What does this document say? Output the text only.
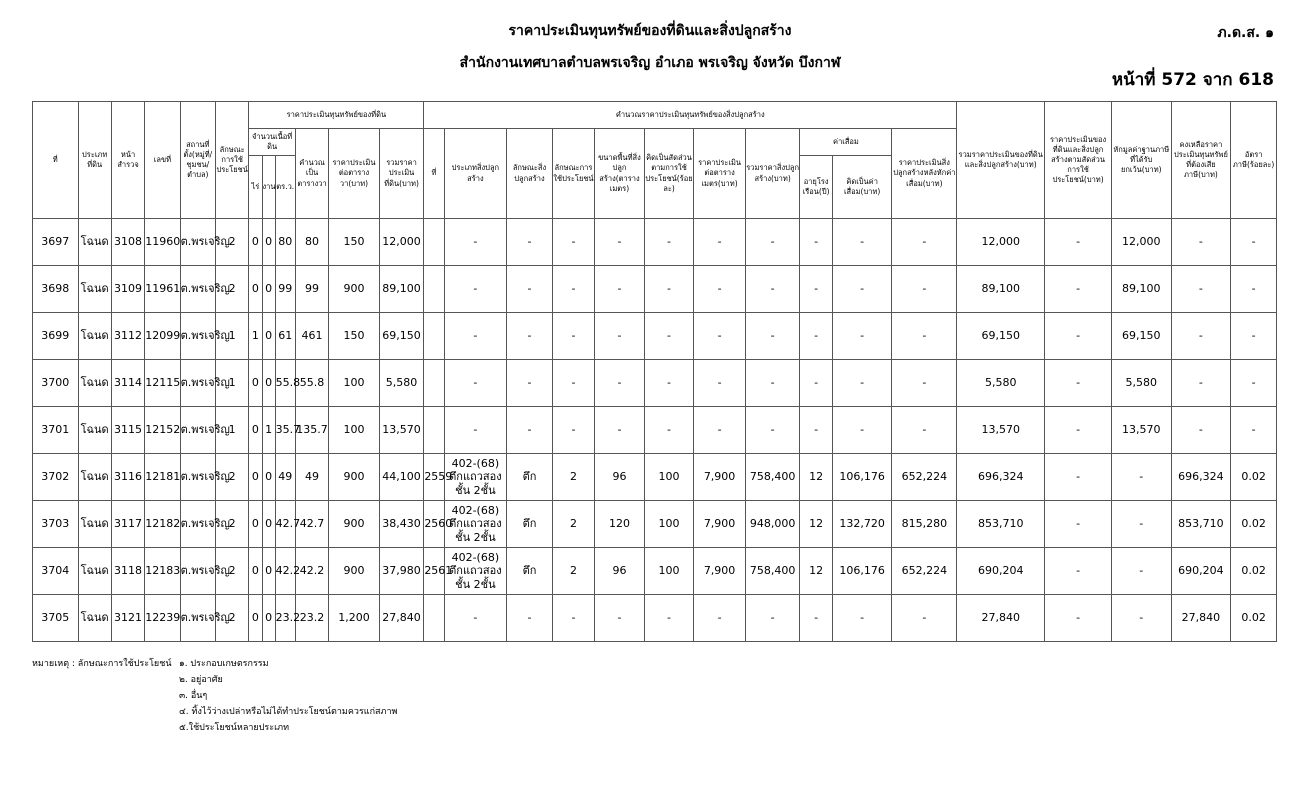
ราคาประเมินทุนทรัพย์ของที่ดินและสิ่งปลูกสร้าง	ภ.ด.ส. ๑
สำนักงานเทศบาลตำบลพรเจริญ อำเภอ พรเจริญ จังหวัด บึงกาฬ
หน้าที่ 572 จาก 618
ที่	ประเภทที่ดิน	หน้าสำรวจ	เลขที่	สถานที่ตั้ง(หมู่ที่/ชุมชน/ตำบล)	ลักษณะการใช้ประโยชน์	ราคาประเมินทุนทรัพย์ของที่ดิน						คำนวณราคาประเมินทุนทรัพย์ของสิ่งปลูกสร้าง											รวมราคาประเมินของที่ดินและสิ่งปลูกสร้าง(บาท)	ราคาประเมินของที่ดินและสิ่งปลูกสร้างตามสัดส่วนการใช้ประโยชน์(บาท)	หักมูลค่าฐานภาษีที่ได้รับยกเว้น(บาท)	คงเหลือราคาประเมินทุนทรัพย์ที่ต้องเสียภาษี(บาท)	อัตราภาษี(ร้อยละ)
						จำนวนเนื้อที่ดิน			คำนวณเป็นตารางวา	ราคาประเมินต่อตารางวา(บาท)	รวมราคาประเมินที่ดิน(บาท)	ที่	ประเภทสิ่งปลูกสร้าง	ลักษณะสิ่งปลูกสร้าง	ลักษณะการใช้ประโยชน์	ขนาดพื้นที่สิ่งปลูกสร้าง(ตารางเมตร)	คิดเป็นสัดส่วนตามการใช้ประโยชน์(ร้อยละ)	ราคาประเมินต่อตารางเมตร(บาท)	รวมราคาสิ่งปลูกสร้าง(บาท)	ค่าเสื่อม		ราคาประเมินสิ่งปลูกสร้างหลังหักค่าเสื่อม(บาท)					
						ไร่	งาน	ตร.ว.												อายุโรงเรือน(ปี)	คิดเป็นค่าเสื่อม(บาท)						
3697	โฉนด	3108	11960	ต.พรเจริญ	2	0	0	80	80	150	12,000		-	-	-	-	-	-	-	-	-	-	12,000	-	12,000	-	-
3698	โฉนด	3109	11961	ต.พรเจริญ	2	0	0	99	99	900	89,100		-	-	-	-	-	-	-	-	-	-	89,100	-	89,100	-	-
3699	โฉนด	3112	12099	ต.พรเจริญ	1	1	0	61	461	150	69,150		-	-	-	-	-	-	-	-	-	-	69,150	-	69,150	-	-
3700	โฉนด	3114	12115	ต.พรเจริญ	1	0	0	55.8	55.8	100	5,580		-	-	-	-	-	-	-	-	-	-	5,580	-	5,580	-	-
3701	โฉนด	3115	12152	ต.พรเจริญ	1	0	1	35.7	135.7	100	13,570		-	-	-	-	-	-	-	-	-	-	13,570	-	13,570	-	-
3702	โฉนด	3116	12181	ต.พรเจริญ	2	0	0	49	49	900	44,100	2559	402-(68) ตึกแถวสองชั้น 2ชั้น	ตึก	2	96	100	7,900	758,400	12	106,176	652,224	696,324	-	-	696,324	0.02
3703	โฉนด	3117	12182	ต.พรเจริญ	2	0	0	42.7	42.7	900	38,430	2560	402-(68) ตึกแถวสองชั้น 2ชั้น	ตึก	2	120	100	7,900	948,000	12	132,720	815,280	853,710	-	-	853,710	0.02
3704	โฉนด	3118	12183	ต.พรเจริญ	2	0	0	42.2	42.2	900	37,980	2561	402-(68) ตึกแถวสองชั้น 2ชั้น	ตึก	2	96	100	7,900	758,400	12	106,176	652,224	690,204	-	-	690,204	0.02
3705	โฉนด	3121	12239	ต.พรเจริญ	2	0	0	23.2	23.2	1,200	27,840		-	-	-	-	-	-	-	-	-	-	27,840	-	-	27,840	0.02
หมายเหตุ : ลักษณะการใช้ประโยชน์ ๑. ประกอบเกษตรกรรม
๒. อยู่อาศัย
๓. อื่นๆ
๔. ทิ้งไว้ว่างเปล่าหรือไม่ได้ทำประโยชน์ตามควรแก่สภาพ
๕.ใช้ประโยชน์หลายประเภท
